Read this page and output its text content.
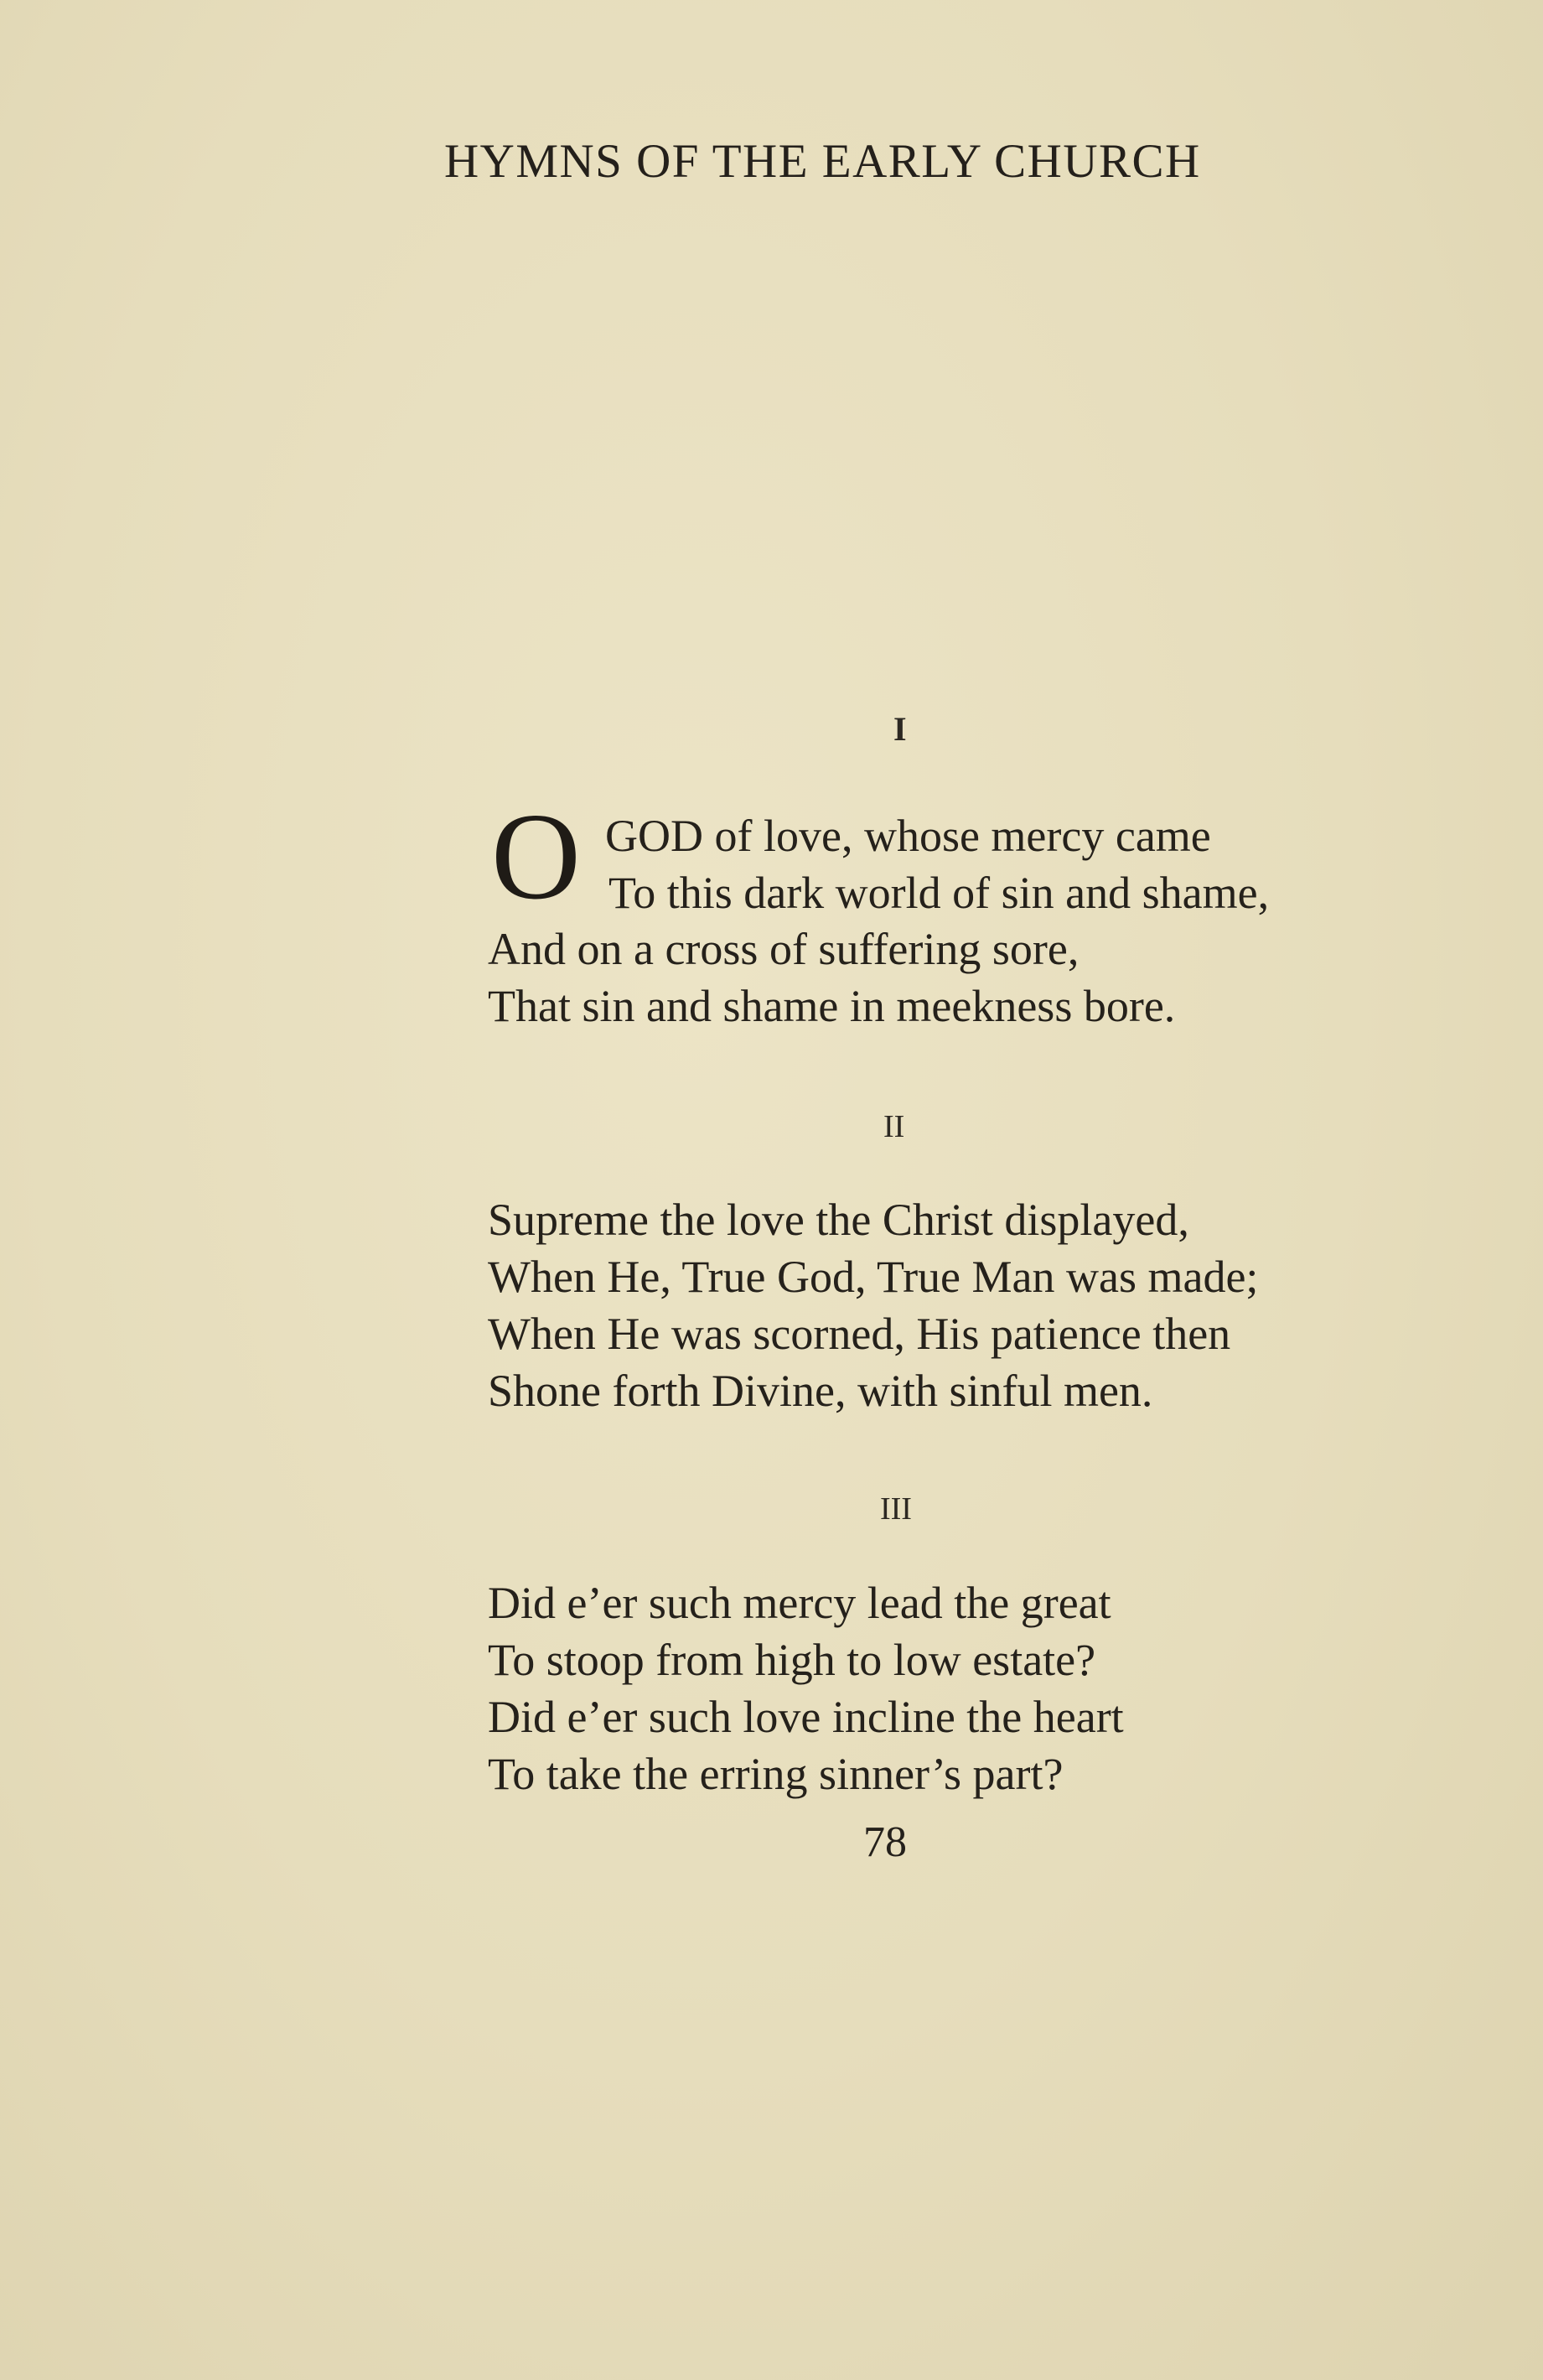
HYMNS OF THE EARLY CHURCH
I
O GOD of love, whose mercy came
To this dark world of sin and shame,
And on a cross of suffering sore,
That sin and shame in meekness bore.
II
Supreme the love the Christ displayed,
When He, True God, True Man was made;
When He was scorned, His patience then
Shone forth Divine, with sinful men.
III
Did e’er such mercy lead the great
To stoop from high to low estate?
Did e’er such love incline the heart
To take the erring sinner’s part?
78
